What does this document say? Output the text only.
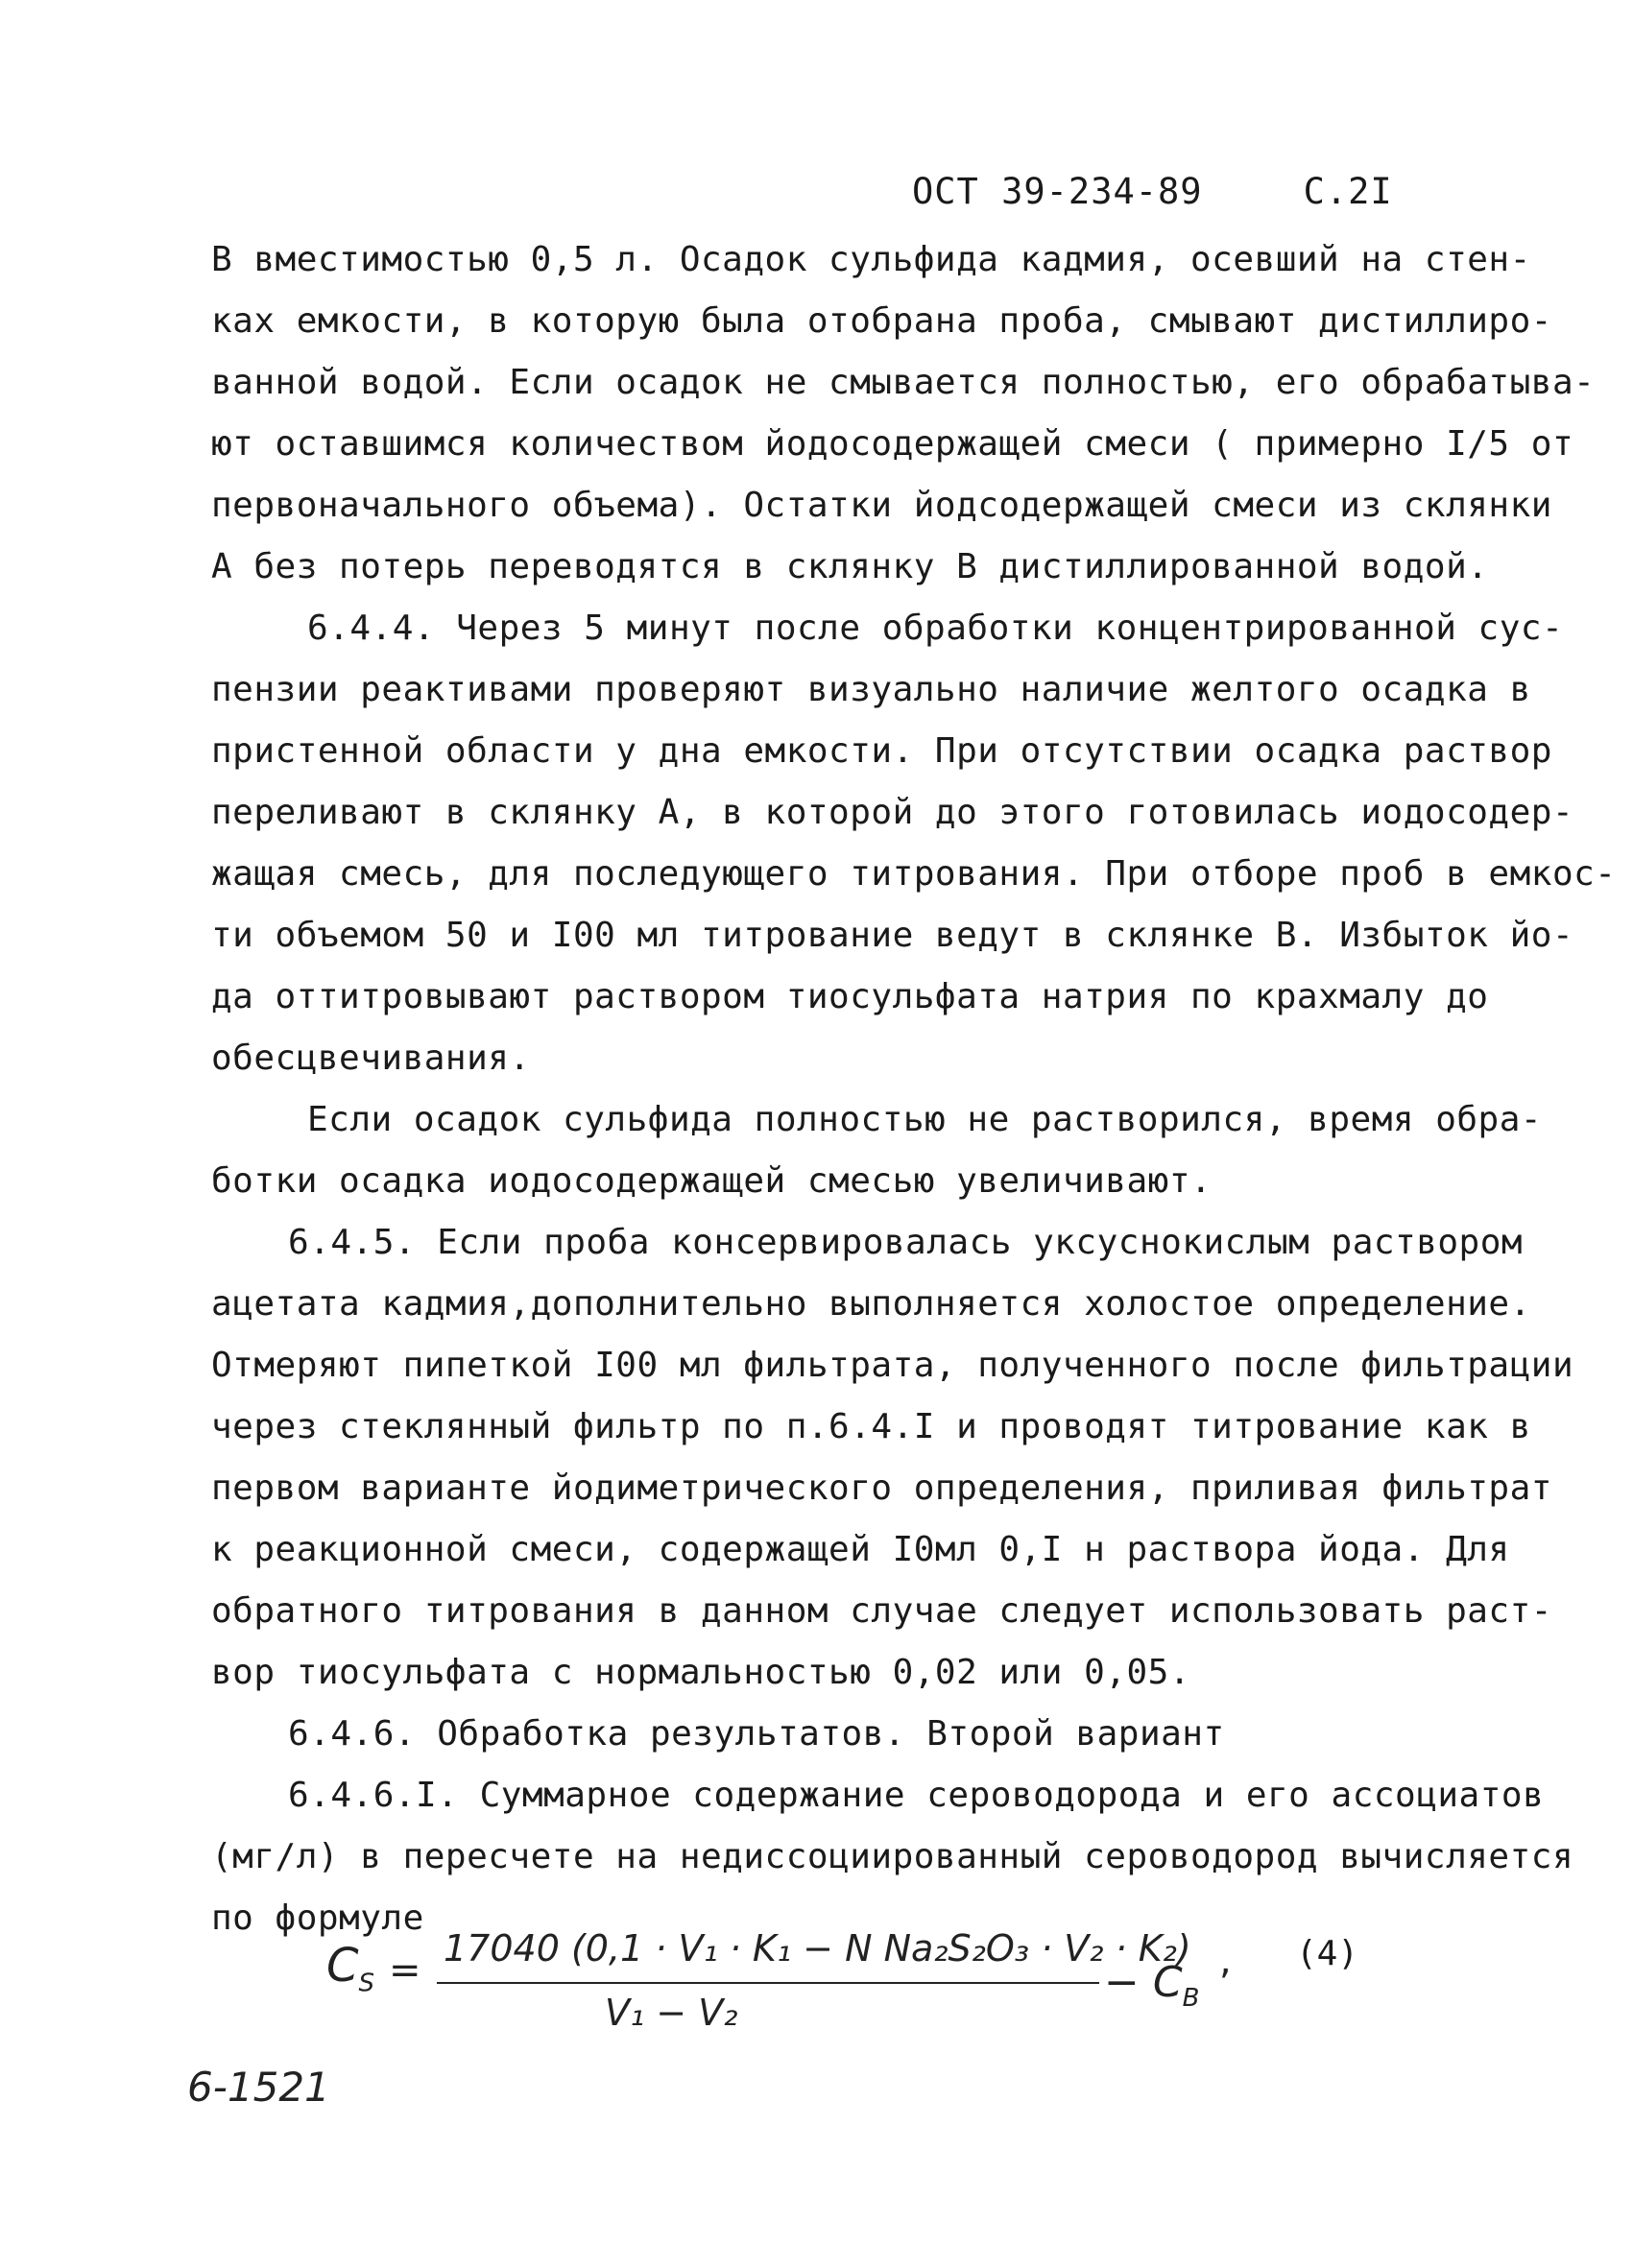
ОСТ 39-234-89	С.2I
В вместимостью 0,5 л. Осадок сульфида кадмия, осевший на стен-
ках емкости, в которую была отобрана проба, смывают дистиллиро-
ванной водой. Если осадок не смывается полностью, его обрабатыва-
ют оставшимся количеством йодосодержащей смеси ( примерно I/5 от
первоначального объема). Остатки йодсодержащей смеси из склянки
А без потерь переводятся в склянку В дистиллированной водой.
6.4.4. Через 5 минут после обработки концентрированной сус-
пензии реактивами проверяют визуально наличие желтого осадка в
пристенной области у дна емкости. При отсутствии осадка раствор
переливают в склянку А, в которой до этого готовилась иодосодер-
жащая смесь, для последующего титрования. При отборе проб в емкос-
ти объемом 50 и I00 мл титрование ведут в склянке В. Избыток йо-
да оттитровывают раствором тиосульфата натрия по крахмалу до
обесцвечивания.
Если осадок сульфида полностью не растворился, время обра-
ботки осадка иодосодержащей смесью увеличивают.
6.4.5. Если проба консервировалась уксуснокислым раствором
ацетата кадмия,дополнительно выполняется холостое определение.
Отмеряют пипеткой I00 мл фильтрата, полученного после фильтрации
через стеклянный фильтр по п.6.4.I и проводят титрование как в
первом варианте йодиметрического определения, приливая фильтрат
к реакционной смеси, содержащей I0мл 0,I н раствора йода. Для
обратного титрования в данном случае следует использовать раст-
вор тиосульфата с нормальностью 0,02 или 0,05.
6.4.6. Обработка результатов. Второй вариант
6.4.6.I. Суммарное содержание сероводорода и его ассоциатов
(мг/л) в пересчете на недиссоциированный сероводород вычисляется
по формуле
$C_S = 17040$ (0,1 · V₁ · K₁ − N Na₂S₂O₃ · V₂ · K₂)
V₁ − V₂
− $C_B$
, (4)
6-1521
